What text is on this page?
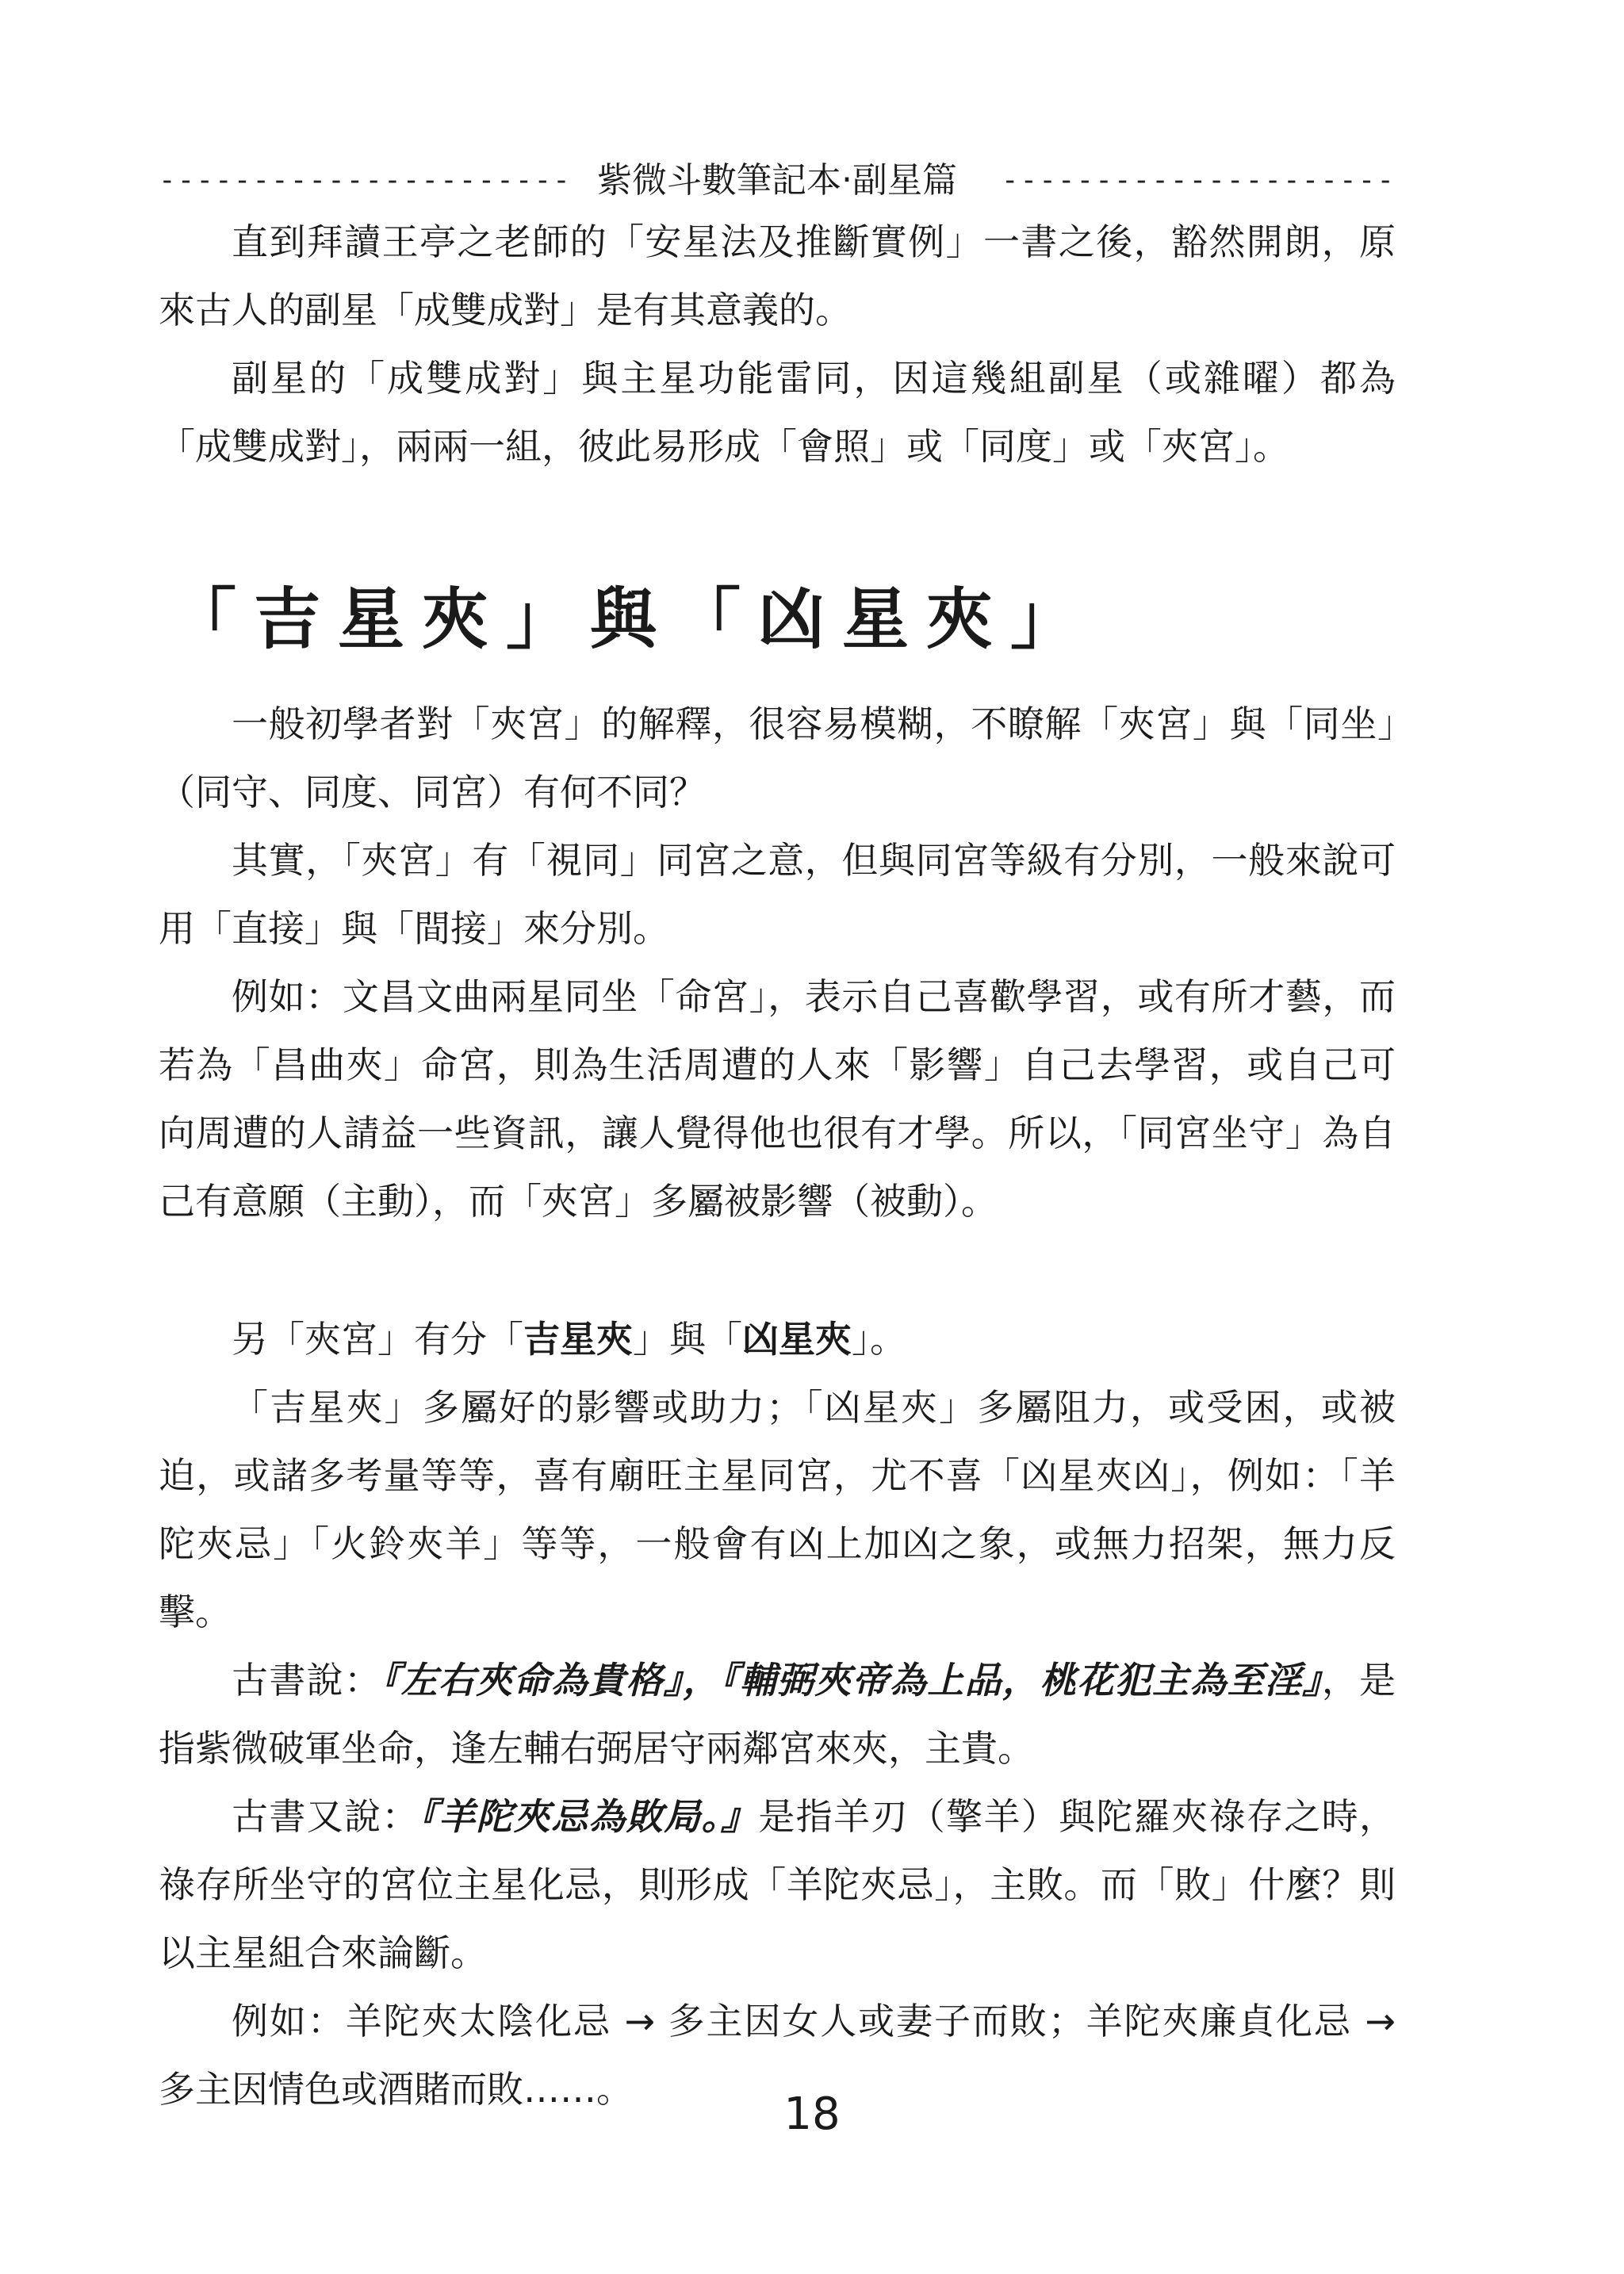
---------------------- 紫微斗數筆記本‧副星篇	---------------------

直到拜讀王亭之老師的「安星法及推斷實例」一書之後，豁然開朗，原來古人的副星「成雙成對」是有其意義的。

副星的「成雙成對」與主星功能雷同，因這幾組副星（或雜曜）都為「成雙成對」，兩兩一組，彼此易形成「會照」或「同度」或「夾宮」。

「吉星夾」與「凶星夾」

一般初學者對「夾宮」的解釋，很容易模糊，不瞭解「夾宮」與「同坐」（同守、同度、同宮）有何不同？

其實，「夾宮」有「視同」同宮之意，但與同宮等級有分別，一般來說可用「直接」與「間接」來分別。

例如：文昌文曲兩星同坐「命宮」，表示自己喜歡學習，或有所才藝，而若為「昌曲夾」命宮，則為生活周遭的人來「影響」自己去學習，或自己可向周遭的人請益一些資訊，讓人覺得他也很有才學。所以，「同宮坐守」為自己有意願（主動），而「夾宮」多屬被影響（被動）。

另「夾宮」有分「吉星夾」與「凶星夾」。

「吉星夾」多屬好的影響或助力；「凶星夾」多屬阻力，或受困，或被迫，或諸多考量等等，喜有廟旺主星同宮，尤不喜「凶星夾凶」，例如：「羊陀夾忌」「火鈴夾羊」等等，一般會有凶上加凶之象，或無力招架，無力反擊。

古書說：『左右夾命為貴格』，『輔弼夾帝為上品，桃花犯主為至淫』，是指紫微破軍坐命，逢左輔右弼居守兩鄰宮來夾，主貴。

古書又說：『羊陀夾忌為敗局。』是指羊刃（擎羊）與陀羅夾祿存之時，祿存所坐守的宮位主星化忌，則形成「羊陀夾忌」，主敗。而「敗」什麼？則以主星組合來論斷。

例如：羊陀夾太陰化忌 → 多主因女人或妻子而敗；羊陀夾廉貞化忌 → 多主因情色或酒賭而敗……。	18
